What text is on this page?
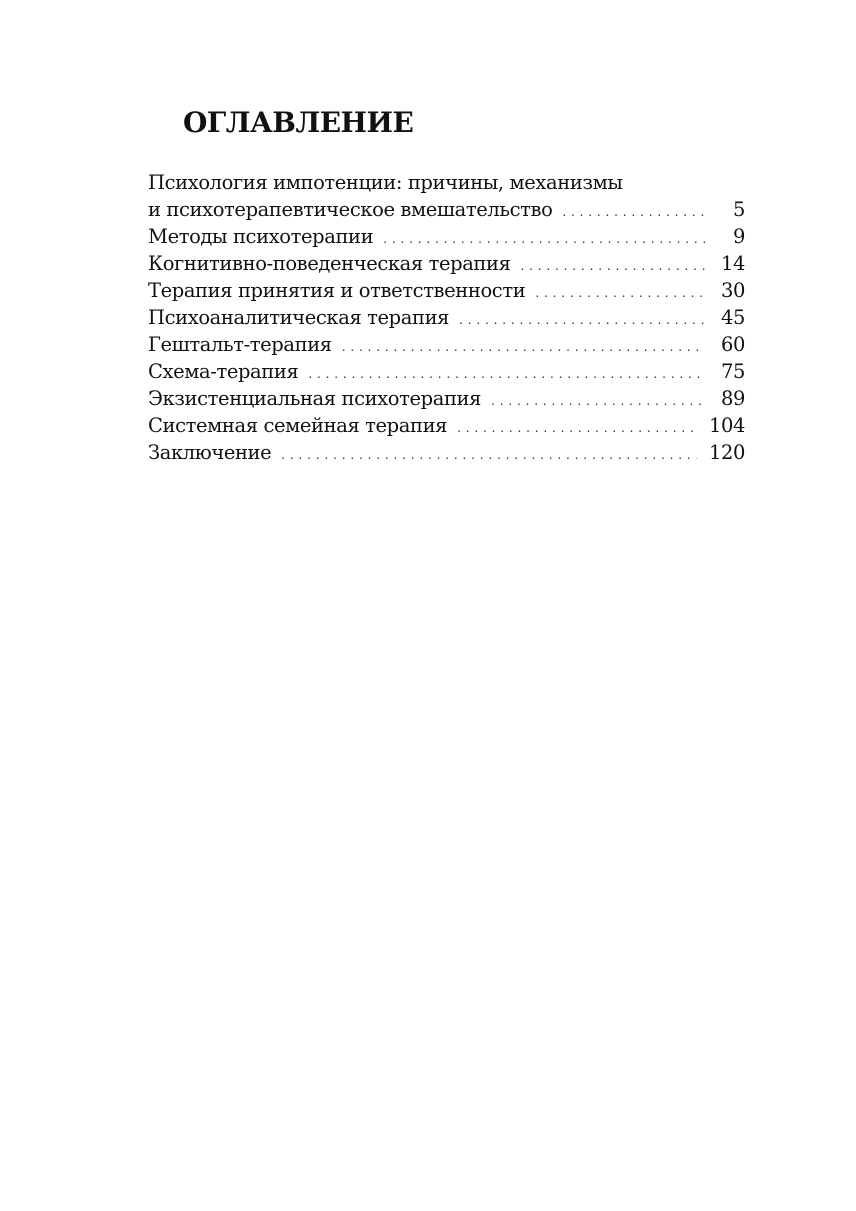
ОГЛАВЛЕНИЕ
Психология импотенции: причины, механизмы
и психотерапевтическое вмешательство . . .	5
Методы психотерапии . . .	9
Когнитивно-поведенческая терапия . . .	14
Терапия принятия и ответственности . . .	30
Психоаналитическая терапия . . .	45
Гештальт-терапия . . .	60
Схема-терапия . . .	75
Экзистенциальная психотерапия . . .	89
Системная семейная терапия . . .	104
Заключение . . .	120
